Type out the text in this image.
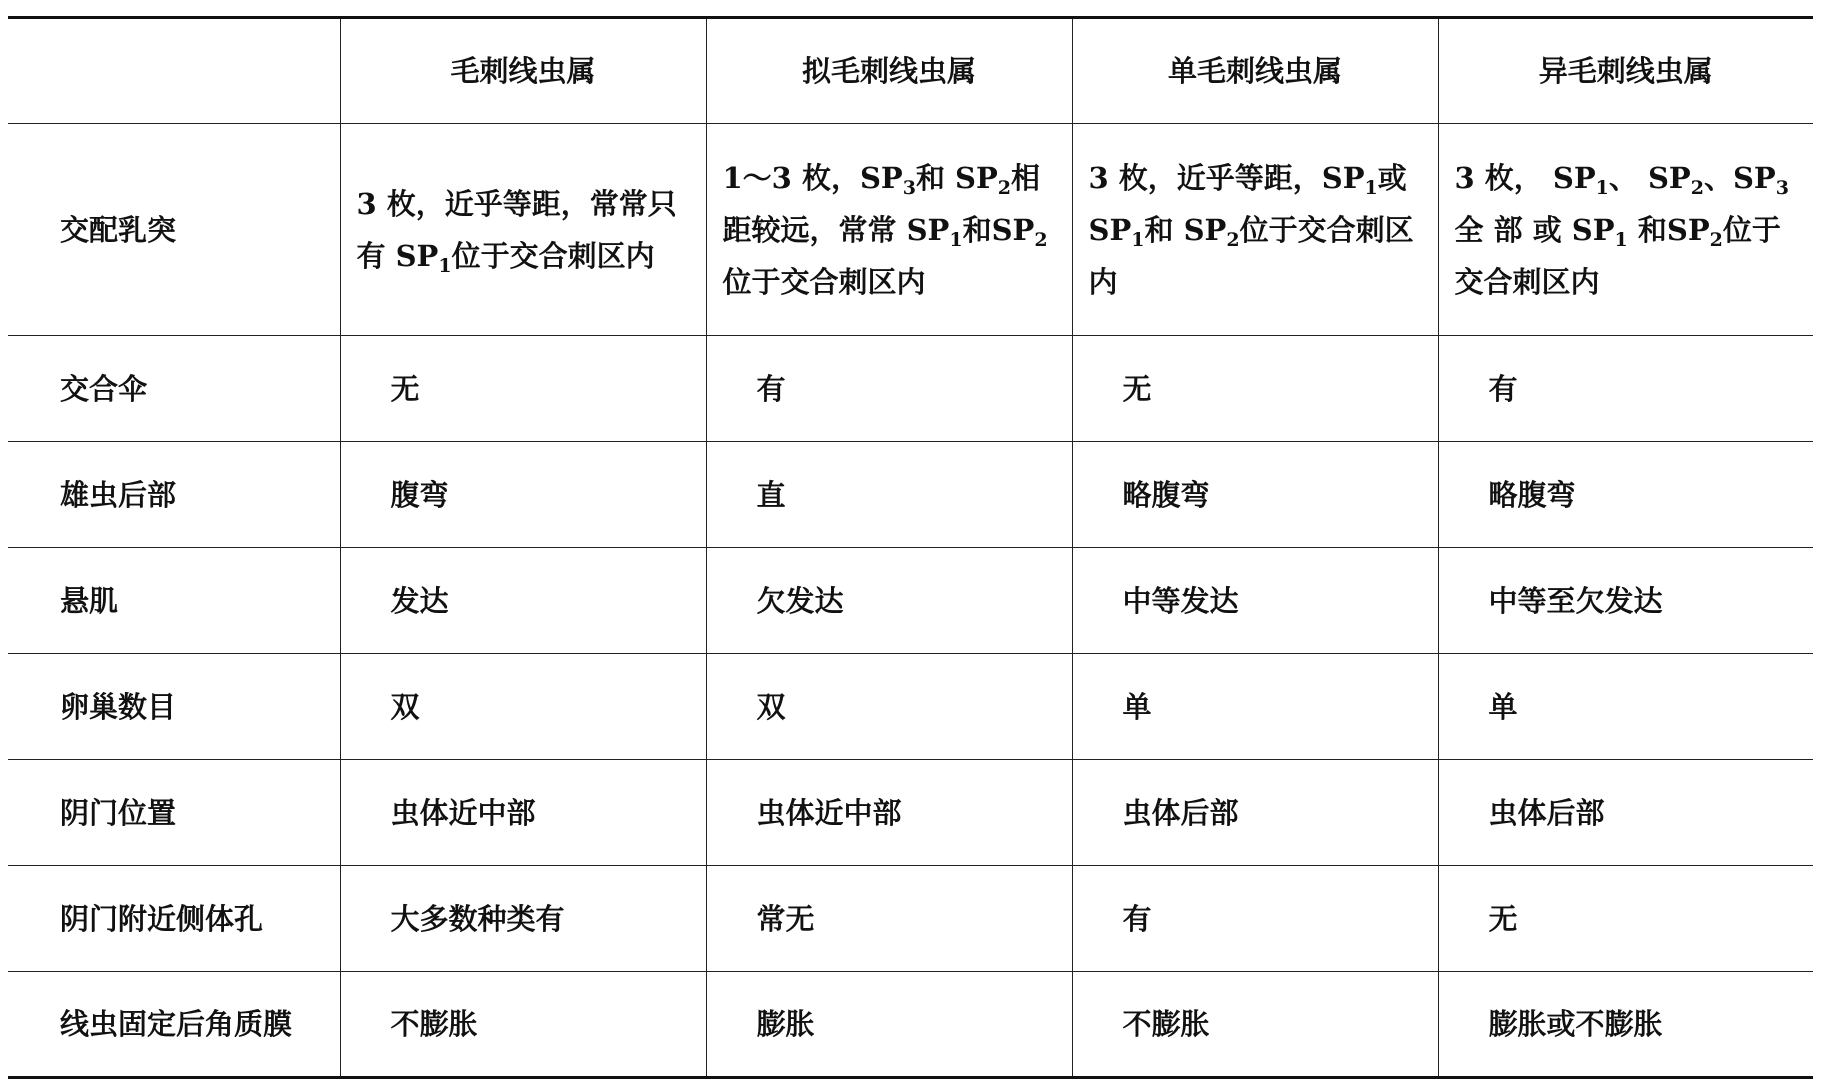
	毛刺线虫属	拟毛刺线虫属	单毛刺线虫属	异毛刺线虫属
交配乳突	3 枚，近乎等距，常常只有 $SP_1$位于交合刺区内	1～3 枚，$SP_3$和 $SP_2$相距较远，常常 $SP_1$和$SP_2$位于交合刺区内	3 枚，近乎等距，$SP_1$或 $SP_1$和 $SP_2$位于交合刺区内	3 枚， $SP_1$、 $SP_2$、$SP_3$ 全 部 或 $SP_1$ 和$SP_2$位于交合刺区内
交合伞	无	有	无	有
雄虫后部	腹弯	直	略腹弯	略腹弯
悬肌	发达	欠发达	中等发达	中等至欠发达
卵巢数目	双	双	单	单
阴门位置	虫体近中部	虫体近中部	虫体后部	虫体后部
阴门附近侧体孔	大多数种类有	常无	有	无
线虫固定后角质膜	不膨胀	膨胀	不膨胀	膨胀或不膨胀
